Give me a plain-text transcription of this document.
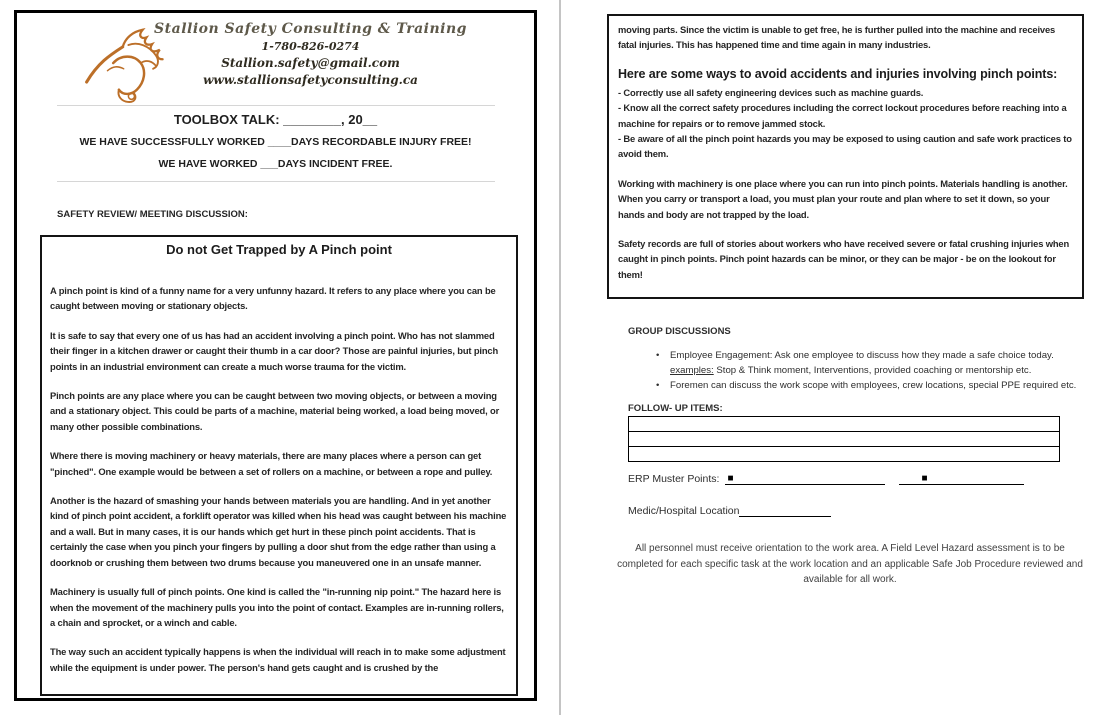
Stallion Safety Consulting & Training
1-780-826-0274
Stallion.safety@gmail.com
www.stallionsafetyconsulting.ca
TOOLBOX TALK: ________, 20__
WE HAVE SUCCESSFULLY WORKED ____DAYS RECORDABLE INJURY FREE!
WE HAVE WORKED ___DAYS INCIDENT FREE.
SAFETY REVIEW/ MEETING DISCUSSION:
Do not Get Trapped by A Pinch point

A pinch point is kind of a funny name for a very unfunny hazard. It refers to any place where you can be caught between moving or stationary objects.

It is safe to say that every one of us has had an accident involving a pinch point. Who has not slammed their finger in a kitchen drawer or caught their thumb in a car door? Those are painful injuries, but pinch points in an industrial environment can create a much worse trauma for the victim.

Pinch points are any place where you can be caught between two moving objects, or between a moving and a stationary object. This could be parts of a machine, material being worked, a load being moved, or many other possible combinations.

Where there is moving machinery or heavy materials, there are many places where a person can get "pinched". One example would be between a set of rollers on a machine, or between a rope and pulley.

Another is the hazard of smashing your hands between materials you are handling. And in yet another kind of pinch point accident, a forklift operator was killed when his head was caught between his machine and a wall. But in many cases, it is our hands which get hurt in these pinch point accidents. That is certainly the case when you pinch your fingers by pulling a door shut from the edge rather than using a doorknob or crushing them between two drums because you maneuvered one in an unsafe manner.

Machinery is usually full of pinch points. One kind is called the "in-running nip point." The hazard here is when the movement of the machinery pulls you into the point of contact. Examples are in-running rollers, a chain and sprocket, or a winch and cable.

The way such an accident typically happens is when the individual will reach in to make some adjustment while the equipment is under power. The person's hand gets caught and is crushed by the

moving parts. Since the victim is unable to get free, he is further pulled into the machine and receives fatal injuries. This has happened time and time again in many industries.

Here are some ways to avoid accidents and injuries involving pinch points:

- Correctly use all safety engineering devices such as machine guards.

- Know all the correct safety procedures including the correct lockout procedures before reaching into a machine for repairs or to remove jammed stock.

- Be aware of all the pinch point hazards you may be exposed to using caution and safe work practices to avoid them.

Working with machinery is one place where you can run into pinch points. Materials handling is another. When you carry or transport a load, you must plan your route and plan where to set it down, so your hands and body are not trapped by the load.

Safety records are full of stories about workers who have received severe or fatal crushing injuries when caught in pinch points. Pinch point hazards can be minor, or they can be major - be on the lookout for them!

GROUP DISCUSSIONS
•	Employee Engagement: Ask one employee to discuss how they made a safe choice today.
examples: Stop & Think moment, Interventions, provided coaching or mentorship etc.
•	Foremen can discuss the work scope with employees, crew locations, special PPE required etc.
FOLLOW- UP ITEMS:
ERP Muster Points: ■	■
Medic/Hospital Location
All personnel must receive orientation to the work area. A Field Level Hazard assessment is to be completed for each specific task at the work location and an applicable Safe Job Procedure reviewed and available for all work.
